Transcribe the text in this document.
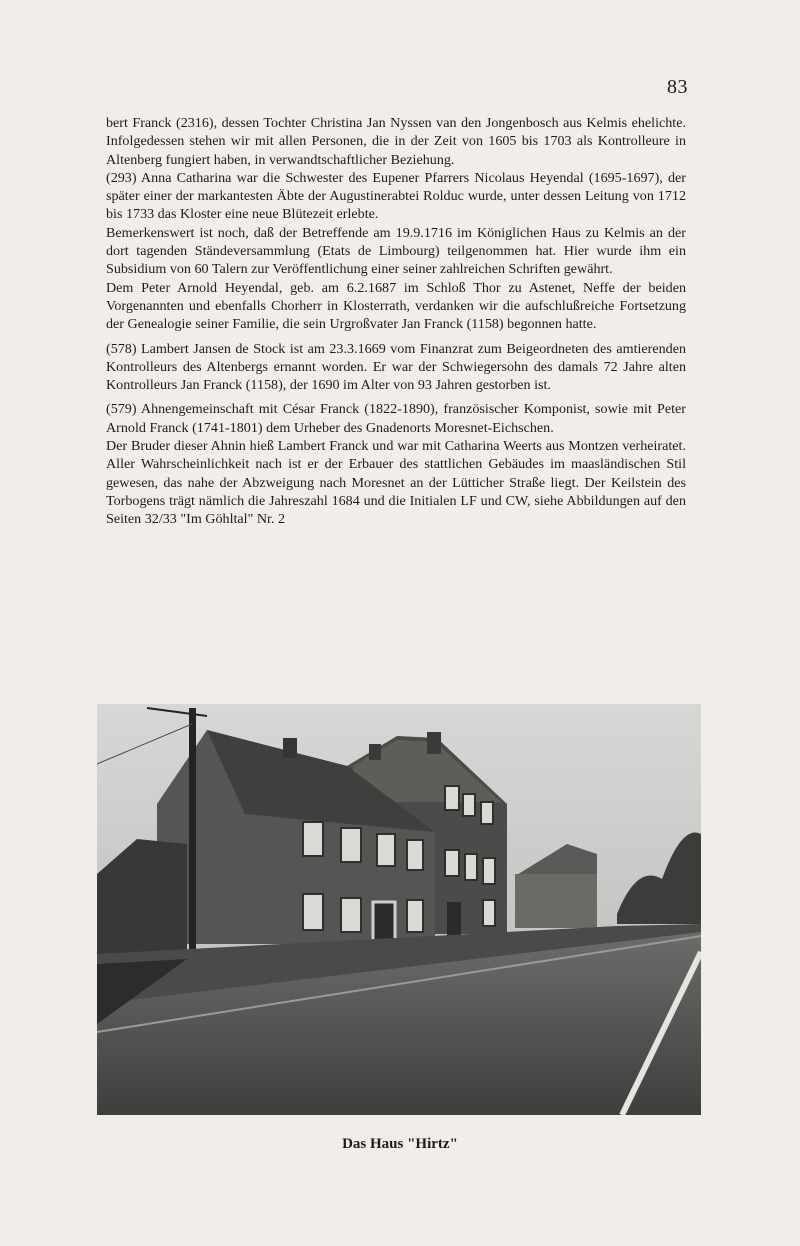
83

bert Franck (2316), dessen Tochter Christina Jan Nyssen van den Jongenbosch aus Kelmis ehelichte. Infolgedessen stehen wir mit allen Personen, die in der Zeit von 1605 bis 1703 als Kontrolleure in Altenberg fungiert haben, in verwandtschaftlicher Beziehung.

(293) Anna Catharina war die Schwester des Eupener Pfarrers Nicolaus Heyendal (1695-1697), der später einer der markantesten Äbte der Augustinerabtei Rolduc wurde, unter dessen Leitung von 1712 bis 1733 das Kloster eine neue Blütezeit erlebte.

Bemerkenswert ist noch, daß der Betreffende am 19.9.1716 im Königlichen Haus zu Kelmis an der dort tagenden Ständeversammlung (Etats de Limbourg) teilgenommen hat. Hier wurde ihm ein Subsidium von 60 Talern zur Veröffentlichung einer seiner zahlreichen Schriften gewährt.

Dem Peter Arnold Heyendal, geb. am 6.2.1687 im Schloß Thor zu Astenet, Neffe der beiden Vorgenannten und ebenfalls Chorherr in Klosterrath, verdanken wir die aufschlußreiche Fortsetzung der Genealogie seiner Familie, die sein Urgroßvater Jan Franck (1158) begonnen hatte.

(578) Lambert Jansen de Stock ist am 23.3.1669 vom Finanzrat zum Beigeordneten des amtierenden Kontrolleurs des Altenbergs ernannt worden. Er war der Schwiegersohn des damals 72 Jahre alten Kontrolleurs Jan Franck (1158), der 1690 im Alter von 93 Jahren gestorben ist.

(579) Ahnengemeinschaft mit César Franck (1822-1890), französischer Komponist, sowie mit Peter Arnold Franck (1741-1801) dem Urheber des Gnadenorts Moresnet-Eichschen.

Der Bruder dieser Ahnin hieß Lambert Franck und war mit Catharina Weerts aus Montzen verheiratet. Aller Wahrscheinlichkeit nach ist er der Erbauer des stattlichen Gebäudes im maasländischen Stil gewesen, das nahe der Abzweigung nach Moresnet an der Lütticher Straße liegt. Der Keilstein des Torbogens trägt nämlich die Jahreszahl 1684 und die Initialen LF und CW, siehe Abbildungen auf den Seiten 32/33 "Im Göhltal" Nr. 2

Das Haus "Hirtz"
